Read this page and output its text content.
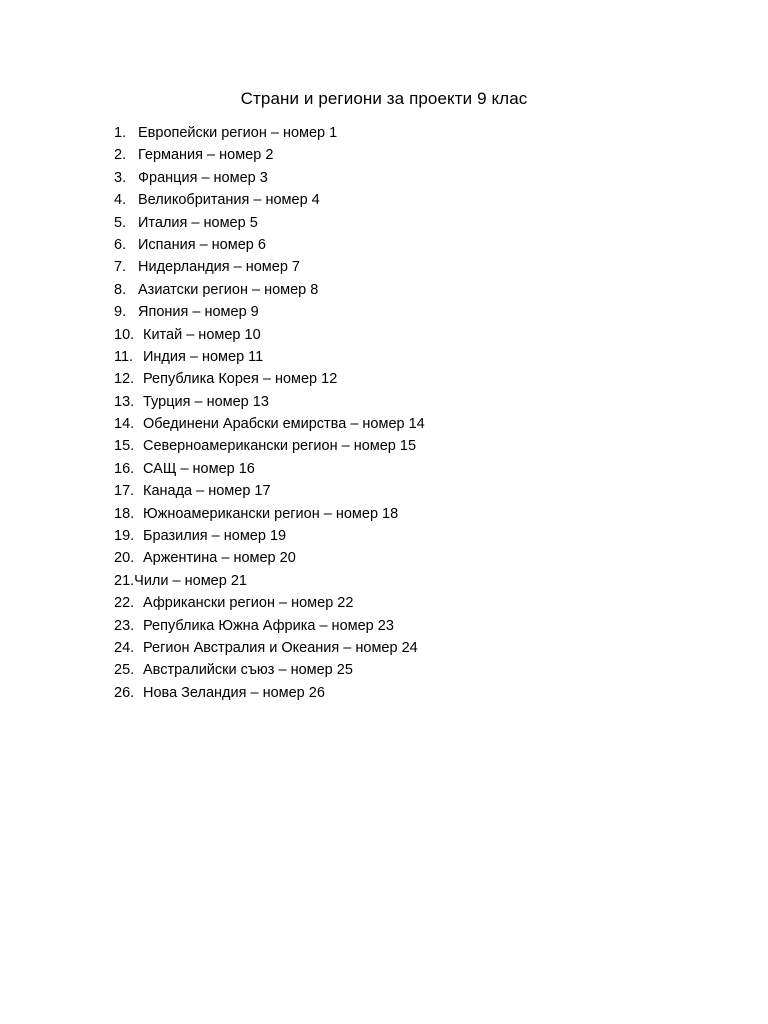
Страни и региони за проекти 9 клас
1. Европейски регион – номер 1
2. Германия – номер 2
3. Франция – номер 3
4. Великобритания – номер 4
5. Италия – номер 5
6. Испания – номер 6
7. Нидерландия – номер 7
8. Азиатски регион – номер 8
9. Япония – номер 9
10. Китай – номер 10
11. Индия – номер 11
12. Република Корея – номер 12
13. Турция – номер 13
14. Обединени Арабски емирства – номер 14
15. Северноамерикански регион – номер 15
16. САЩ – номер 16
17. Канада – номер 17
18. Южноамерикански регион – номер 18
19. Бразилия – номер 19
20. Аржентина – номер 20
21.Чили – номер 21
22. Африкански регион – номер 22
23. Република Южна Африка – номер 23
24. Регион Австралия и Океания – номер 24
25. Австралийски съюз – номер 25
26. Нова Зеландия – номер 26
